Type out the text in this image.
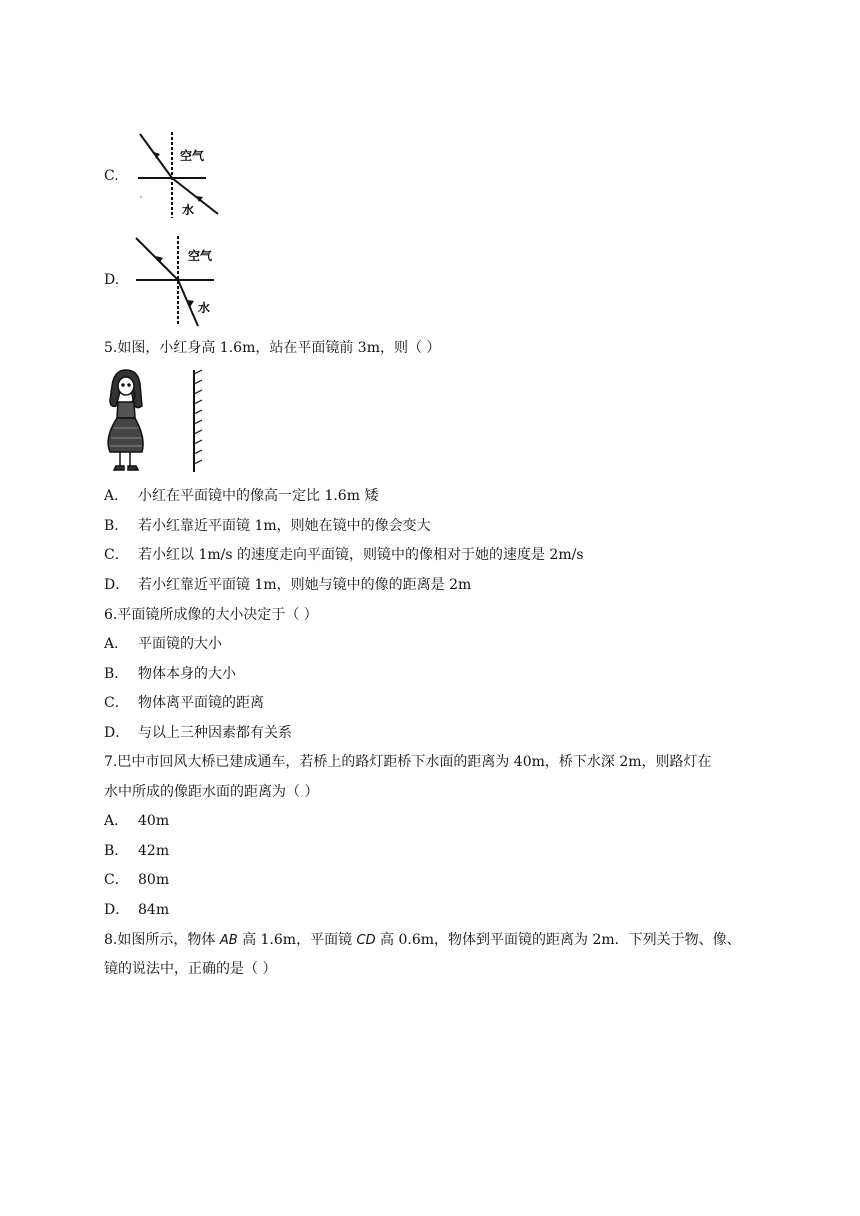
C.
空气
水
D.
空气
水
5.如图，小红身高 1.6m，站在平面镜前 3m，则（ ）
A． 小红在平面镜中的像高一定比 1.6m 矮
B． 若小红靠近平面镜 1m，则她在镜中的像会变大
C． 若小红以 1m/s 的速度走向平面镜，则镜中的像相对于她的速度是 2m/s
D． 若小红靠近平面镜 1m，则她与镜中的像的距离是 2m
6.平面镜所成像的大小决定于（ ）
A． 平面镜的大小
B． 物体本身的大小
C． 物体离平面镜的距离
D． 与以上三种因素都有关系
7.巴中市回风大桥已建成通车，若桥上的路灯距桥下水面的距离为 40m，桥下水深 2m，则路灯在
水中所成的像距水面的距离为（ ）
A． 40m
B． 42m
C． 80m
D． 84m
8.如图所示，物体 AB 高 1.6m，平面镜 CD 高 0.6m，物体到平面镜的距离为 2m．下列关于物、像、
镜的说法中，正确的是（ ）
